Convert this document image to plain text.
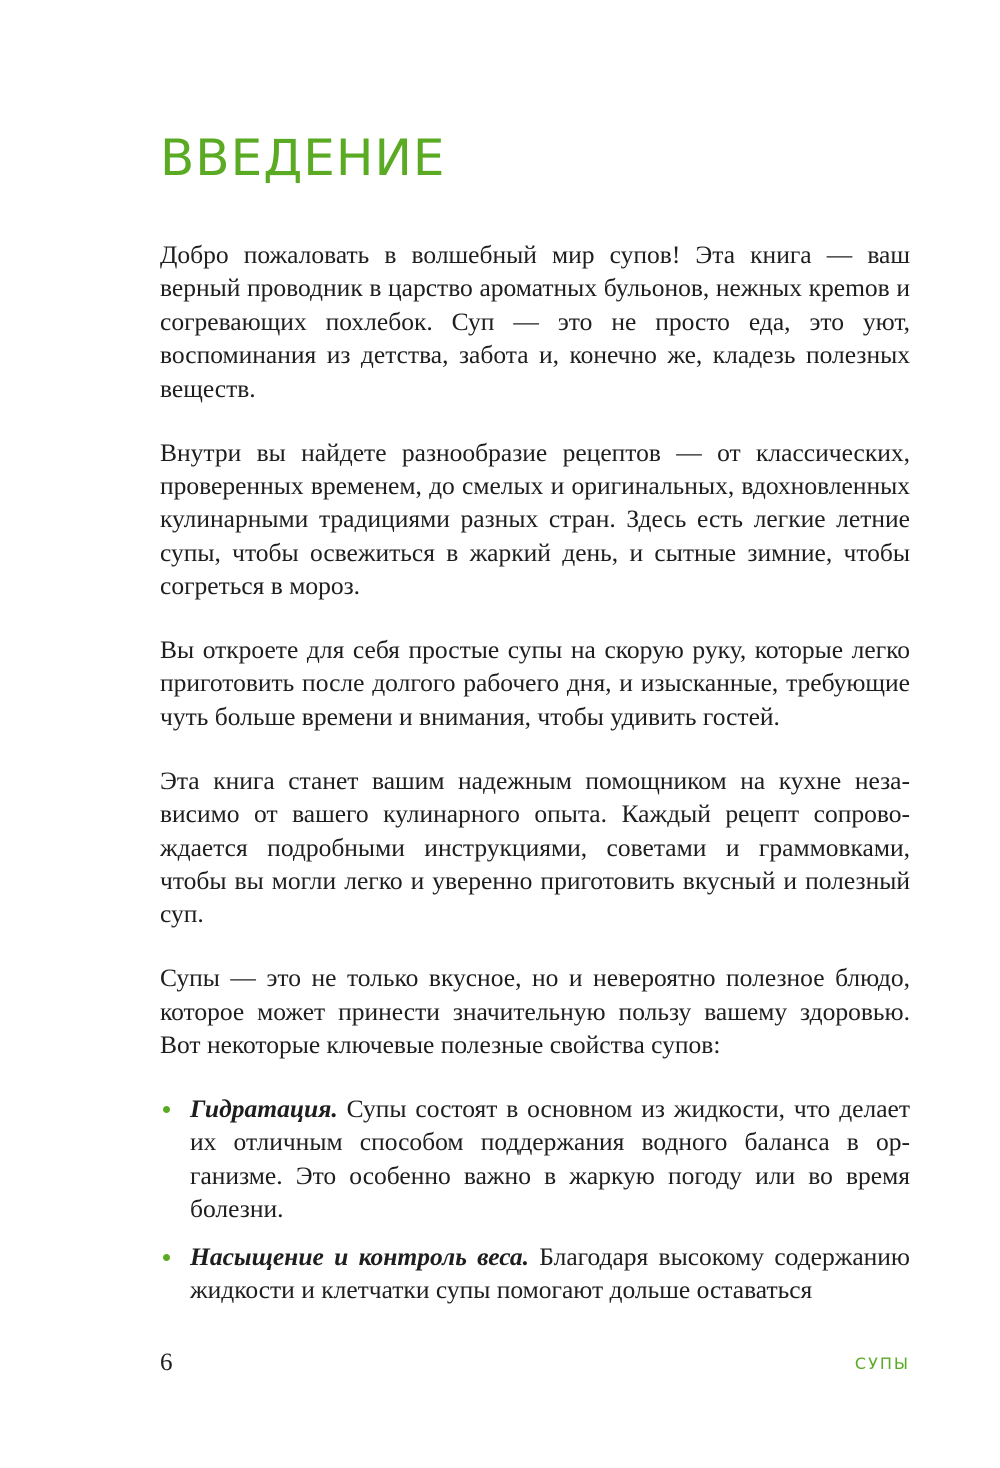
ВВЕДЕНИЕ

Добро пожаловать в волшебный мир супов! Эта книга — ваш верный проводник в царство ароматных бульонов, нежных креmов и согревающих похлебок. Суп — это не просто еда, это уют, воспоминания из детства, забота и, конечно же, кладезь полезных веществ.

Внутри вы найдете разнообразие рецептов — от классических, проверенных временем, до смелых и оригинальных, вдохновленных кулинарными традициями разных стран. Здесь есть легкие летние супы, чтобы освежиться в жаркий день, и сытные зимние, чтобы согреться в мороз.

Вы откроете для себя простые супы на скорую руку, которые легко приготовить после долгого рабочего дня, и изысканные, требующие чуть больше времени и внимания, чтобы удивить гостей.

Эта книга станет вашим надежным помощником на кухне независимо от вашего кулинарного опыта. Каждый рецепт сопровождается подробными инструкциями, советами и граммовками, чтобы вы могли легко и уверенно приготовить вкусный и полезный суп.

Супы — это не только вкусное, но и невероятно полезное блюдо, которое может принести значительную пользу вашему здоровью. Вот некоторые ключевые полезные свойства супов:

Гидратация. Супы состоят в основном из жидкости, что делает их отличным способом поддержания водного баланса в организме. Это особенно важно в жаркую погоду или во время болезни.
Насыщение и контроль веса. Благодаря высокому содержанию жидкости и клетчатки супы помогают дольше оставаться
6	СУПЫ
